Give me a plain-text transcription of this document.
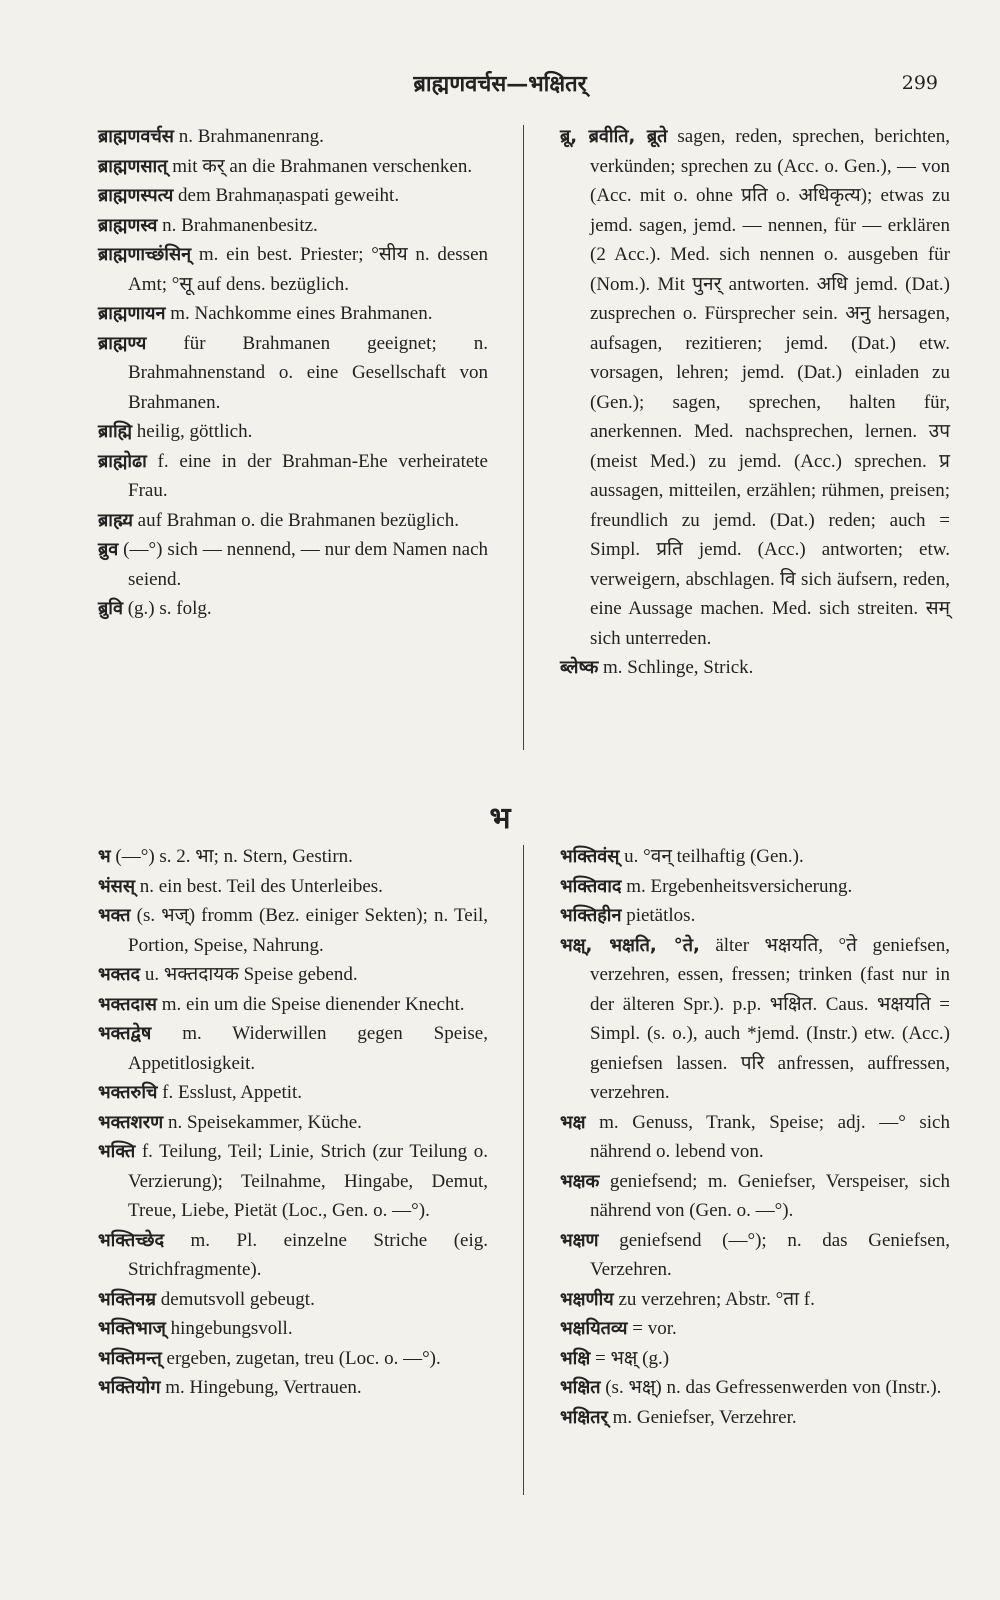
ब्राह्मणवर्चस—भक्षितर्	299
ब्राह्मणवर्चस n. Brahmanenrang.
ब्राह्मणसात् mit कर् an die Brahmanen verschenken.
ब्राह्मणस्पत्य dem Brahmaṇaspati geweiht.
ब्राह्मणस्व n. Brahmanenbesitz.
ब्राह्मणाच्छंसिन् m. ein best. Priester; °सीय n. dessen Amt; °सू auf dens. bezüglich.
ब्राह्मणायन m. Nachkomme eines Brahmanen.
ब्राह्मण्य für Brahmanen geeignet; n. Brahmahnenstand o. eine Gesellschaft von Brahmanen.
ब्राह्मि heilig, göttlich.
ब्राह्मोढा f. eine in der Brahman-Ehe verheiratete Frau.
ब्राह्म्य auf Brahman o. die Brahmanen bezüglich.
ब्रुव (—°) sich — nennend, — nur dem Namen nach seiend.
ब्रुवि (g.) s. folg.
ब्रू, ब्रवीति, ब्रूते sagen, reden, sprechen, berichten, verkünden; sprechen zu (Acc. o. Gen.), — von (Acc. mit o. ohne प्रति o. अधिकृत्य); etwas zu jemd. sagen, jemd. — nennen, für — erklären (2 Acc.). Med. sich nennen o. ausgeben für (Nom.). Mit पुनर् antworten. अधि jemd. (Dat.) zusprechen o. Fürsprecher sein. अनु hersagen, aufsagen, rezitieren; jemd. (Dat.) etw. vorsagen, lehren; jemd. (Dat.) einladen zu (Gen.); sagen, sprechen, halten für, anerkennen. Med. nachsprechen, lernen. उप (meist Med.) zu jemd. (Acc.) sprechen. प्र aussagen, mitteilen, erzählen; rühmen, preisen; freundlich zu jemd. (Dat.) reden; auch = Simpl. प्रति jemd. (Acc.) antworten; etw. verweigern, abschlagen. वि sich äufsern, reden, eine Aussage machen. Med. sich streiten. सम् sich unterreden.
ब्लेष्क m. Schlinge, Strick.
भ
भ (—°) s. 2. भा; n. Stern, Gestirn.
भंसस् n. ein best. Teil des Unterleibes.
भक्त (s. भज्) fromm (Bez. einiger Sekten); n. Teil, Portion, Speise, Nahrung.
भक्तद u. भक्तदायक Speise gebend.
भक्तदास m. ein um die Speise dienender Knecht.
भक्तद्वेष m. Widerwillen gegen Speise, Appetitlosigkeit.
भक्तरुचि f. Esslust, Appetit.
भक्तशरण n. Speisekammer, Küche.
भक्ति f. Teilung, Teil; Linie, Strich (zur Teilung o. Verzierung); Teilnahme, Hingabe, Demut, Treue, Liebe, Pietät (Loc., Gen. o. —°).
भक्तिच्छेद m. Pl. einzelne Striche (eig. Strichfragmente).
भक्तिनम्र demutsvoll gebeugt.
भक्तिभाज् hingebungsvoll.
भक्तिमन्त् ergeben, zugetan, treu (Loc. o. —°).
भक्तियोग m. Hingebung, Vertrauen.
भक्तिवंस् u. °वन् teilhaftig (Gen.).
भक्तिवाद m. Ergebenheitsversicherung.
भक्तिहीन pietätlos.
भक्ष्, भक्षति, °ते, älter भक्षयति, °ते geniefsen, verzehren, essen, fressen; trinken (fast nur in der älteren Spr.). p.p. भक्षित. Caus. भक्षयति = Simpl. (s. o.), auch *jemd. (Instr.) etw. (Acc.) geniefsen lassen. परि anfressen, auffressen, verzehren.
भक्ष m. Genuss, Trank, Speise; adj. —° sich nährend o. lebend von.
भक्षक geniefsend; m. Geniefser, Verspeiser, sich nährend von (Gen. o. —°).
भक्षण geniefsend (—°); n. das Geniefsen, Verzehren.
भक्षणीय zu verzehren; Abstr. °ता f.
भक्षयितव्य = vor.
भक्षि = भक्ष् (g.)
भक्षित (s. भक्ष्) n. das Gefressenwerden von (Instr.).
भक्षितर् m. Geniefser, Verzehrer.
